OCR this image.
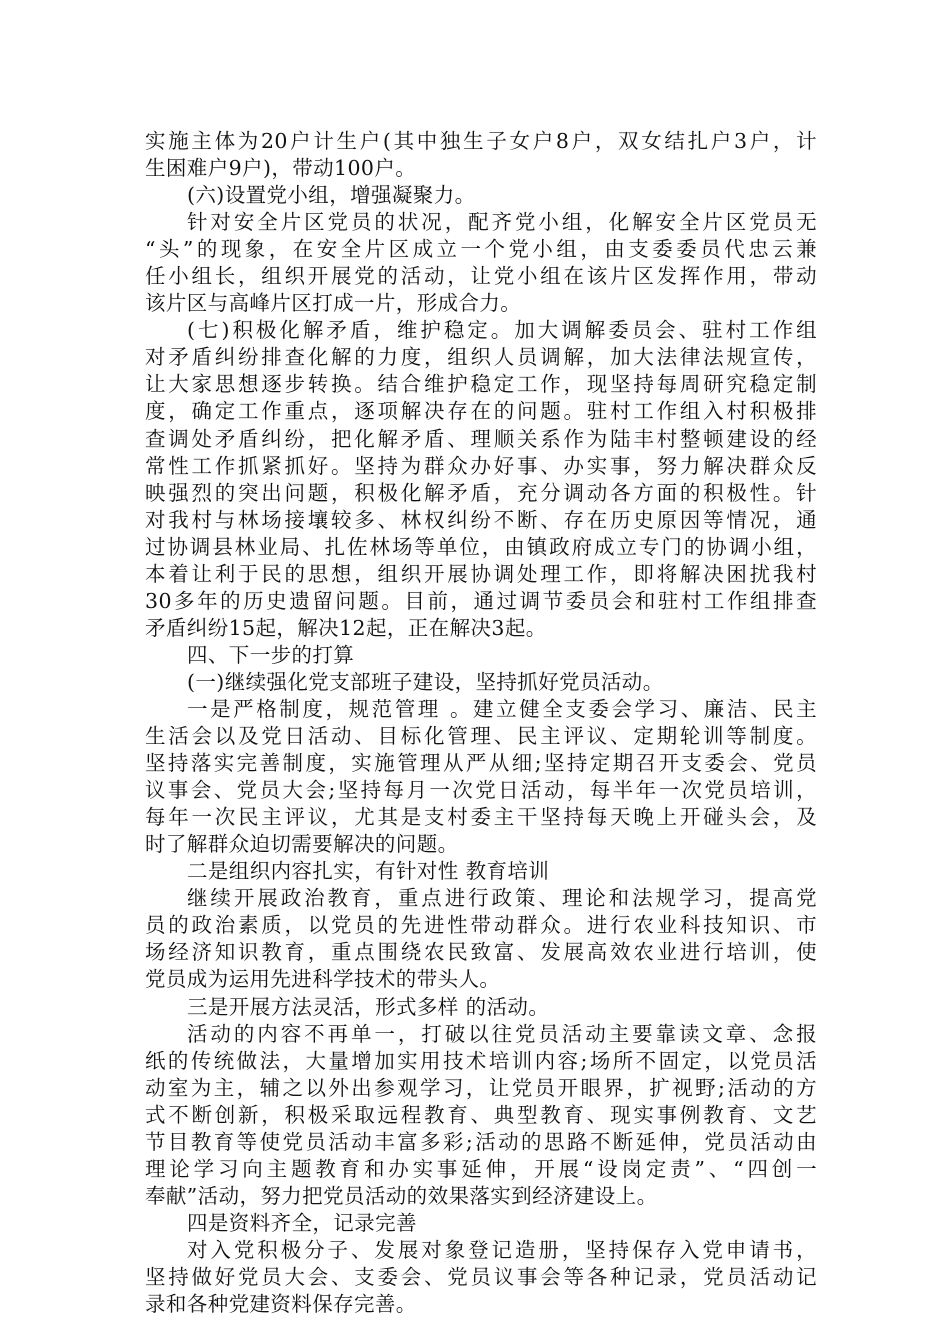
实施主体为20户计生户(其中独生子女户8户，双女结扎户3户，计
生困难户9户)，带动100户。
(六)设置党小组，增强凝聚力。
针对安全片区党员的状况，配齐党小组，化解安全片区党员无
“头”的现象，在安全片区成立一个党小组，由支委委员代忠云兼
任小组长，组织开展党的活动，让党小组在该片区发挥作用，带动
该片区与高峰片区打成一片，形成合力。
(七)积极化解矛盾，维护稳定。加大调解委员会、驻村工作组
对矛盾纠纷排查化解的力度，组织人员调解，加大法律法规宣传，
让大家思想逐步转换。结合维护稳定工作，现坚持每周研究稳定制
度，确定工作重点，逐项解决存在的问题。驻村工作组入村积极排
查调处矛盾纠纷，把化解矛盾、理顺关系作为陆丰村整顿建设的经
常性工作抓紧抓好。坚持为群众办好事、办实事，努力解决群众反
映强烈的突出问题，积极化解矛盾，充分调动各方面的积极性。针
对我村与林场接壤较多、林权纠纷不断、存在历史原因等情况，通
过协调县林业局、扎佐林场等单位，由镇政府成立专门的协调小组，
本着让利于民的思想，组织开展协调处理工作，即将解决困扰我村
30多年的历史遗留问题。目前，通过调节委员会和驻村工作组排查
矛盾纠纷15起，解决12起，正在解决3起。
四、下一步的打算
(一)继续强化党支部班子建设，坚持抓好党员活动。
一是严格制度，规范管理 。建立健全支委会学习、廉洁、民主
生活会以及党日活动、目标化管理、民主评议、定期轮训等制度。
坚持落实完善制度，实施管理从严从细;坚持定期召开支委会、党员
议事会、党员大会;坚持每月一次党日活动，每半年一次党员培训，
每年一次民主评议，尤其是支村委主干坚持每天晚上开碰头会，及
时了解群众迫切需要解决的问题。
二是组织内容扎实，有针对性 教育培训
继续开展政治教育，重点进行政策、理论和法规学习，提高党
员的政治素质，以党员的先进性带动群众。进行农业科技知识、市
场经济知识教育，重点围绕农民致富、发展高效农业进行培训，使
党员成为运用先进科学技术的带头人。
三是开展方法灵活，形式多样 的活动。
活动的内容不再单一，打破以往党员活动主要靠读文章、念报
纸的传统做法，大量增加实用技术培训内容;场所不固定，以党员活
动室为主，辅之以外出参观学习，让党员开眼界，扩视野;活动的方
式不断创新，积极采取远程教育、典型教育、现实事例教育、文艺
节目教育等使党员活动丰富多彩;活动的思路不断延伸，党员活动由
理论学习向主题教育和办实事延伸，开展“设岗定责”、“四创一
奉献”活动，努力把党员活动的效果落实到经济建设上。
四是资料齐全，记录完善
对入党积极分子、发展对象登记造册，坚持保存入党申请书，
坚持做好党员大会、支委会、党员议事会等各种记录，党员活动记
录和各种党建资料保存完善。
